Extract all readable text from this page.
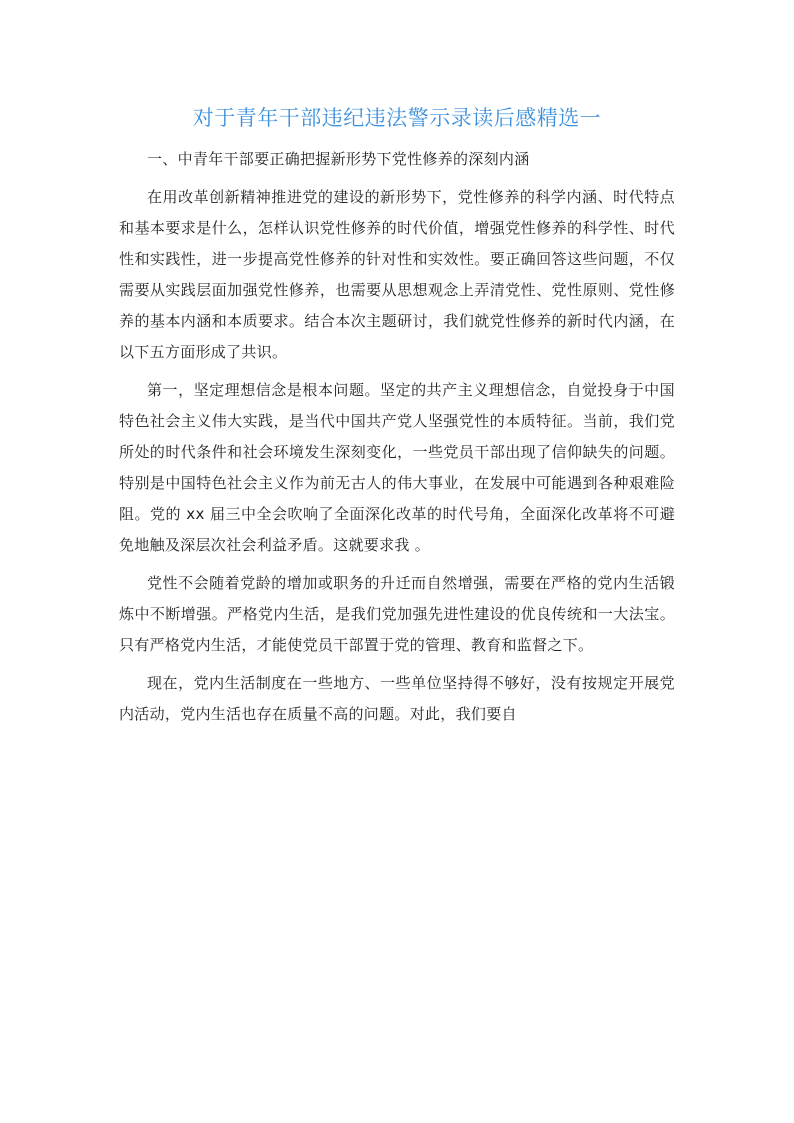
对于青年干部违纪违法警示录读后感精选一

一、中青年干部要正确把握新形势下党性修养的深刻内涵

在用改革创新精神推进党的建设的新形势下，党性修养的科学内涵、时代特点和基本要求是什么，怎样认识党性修养的时代价值，增强党性修养的科学性、时代性和实践性，进一步提高党性修养的针对性和实效性。要正确回答这些问题，不仅需要从实践层面加强党性修养，也需要从思想观念上弄清党性、党性原则、党性修养的基本内涵和本质要求。结合本次主题研讨，我们就党性修养的新时代内涵，在以下五方面形成了共识。

第一，坚定理想信念是根本问题。坚定的共产主义理想信念，自觉投身于中国特色社会主义伟大实践，是当代中国共产党人坚强党性的本质特征。当前，我们党所处的时代条件和社会环境发生深刻变化，一些党员干部出现了信仰缺失的问题。特别是中国特色社会主义作为前无古人的伟大事业，在发展中可能遇到各种艰难险阻。党的 xx 届三中全会吹响了全面深化改革的时代号角，全面深化改革将不可避免地触及深层次社会利益矛盾。这就要求我 。

党性不会随着党龄的增加或职务的升迁而自然增强，需要在严格的党内生活锻炼中不断增强。严格党内生活，是我们党加强先进性建设的优良传统和一大法宝。只有严格党内生活，才能使党员干部置于党的管理、教育和监督之下。

现在，党内生活制度在一些地方、一些单位坚持得不够好，没有按规定开展党内活动，党内生活也存在质量不高的问题。对此，我们要自
